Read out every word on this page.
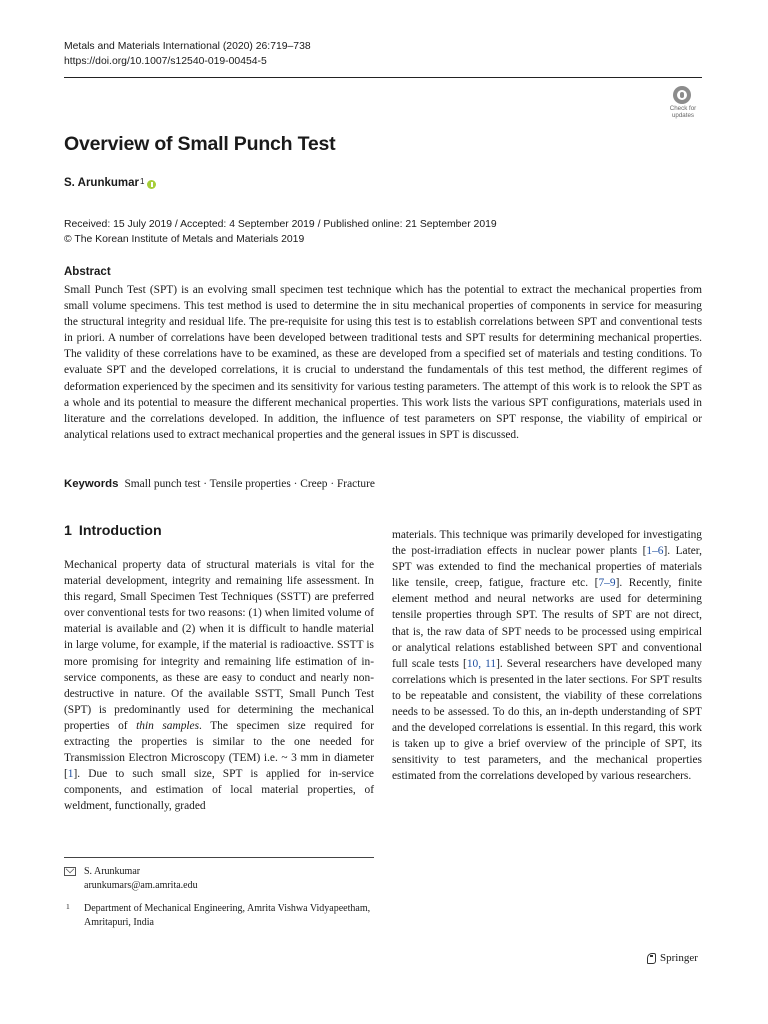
Metals and Materials International (2020) 26:719–738
https://doi.org/10.1007/s12540-019-00454-5
Check for
updates
Overview of Small Punch Test
S. Arunkumar 1
Received: 15 July 2019 / Accepted: 4 September 2019 / Published online: 21 September 2019
© The Korean Institute of Metals and Materials 2019
Abstract
Small Punch Test (SPT) is an evolving small specimen test technique which has the potential to extract the mechanical properties from small volume specimens. This test method is used to determine the in situ mechanical properties of components in service for measuring the structural integrity and residual life. The pre-requisite for using this test is to establish correlations between SPT and conventional tests in priori. A number of correlations have been developed between traditional tests and SPT results for determining mechanical properties. The validity of these correlations have to be examined, as these are developed from a specified set of materials and testing conditions. To evaluate SPT and the developed correlations, it is crucial to understand the fundamentals of this test method, the different regimes of deformation experienced by the specimen and its sensitivity for various testing parameters. The attempt of this work is to relook the SPT as a whole and its potential to measure the different mechanical properties. This work lists the various SPT configurations, materials used in literature and the correlations developed. In addition, the influence of test parameters on SPT response, the viability of empirical or analytical relations used to extract mechanical properties and the general issues in SPT is discussed.
Keywords Small punch test · Tensile properties · Creep · Fracture
1 Introduction

Mechanical property data of structural materials is vital for the material development, integrity and remaining life assessment. In this regard, Small Specimen Test Techniques (SSTT) are preferred over conventional tests for two reasons: (1) when limited volume of material is available and (2) when it is difficult to handle material in large volume, for example, if the material is radioactive. SSTT is more promising for integrity and remaining life estimation of in-service components, as these are easy to conduct and nearly non-destructive in nature. Of the available SSTT, Small Punch Test (SPT) is predominantly used for determining the mechanical properties of thin samples. The specimen size required for extracting the properties is similar to the one needed for Transmission Electron Microscopy (TEM) i.e. ~ 3 mm in diameter [1]. Due to such small size, SPT is applied for in-service components, and estimation of local material properties, of weldment, functionally, graded

materials. This technique was primarily developed for investigating the post-irradiation effects in nuclear power plants [1–6]. Later, SPT was extended to find the mechanical properties of materials like tensile, creep, fatigue, fracture etc. [7–9]. Recently, finite element method and neural networks are used for determining tensile properties through SPT. The results of SPT are not direct, that is, the raw data of SPT needs to be processed using empirical or analytical relations established between SPT and conventional full scale tests [10, 11]. Several researchers have developed many correlations which is presented in the later sections. For SPT results to be repeatable and consistent, the viability of these correlations needs to be assessed. To do this, an in-depth understanding of SPT and the developed correlations is essential. In this regard, this work is taken up to give a brief overview of the principle of SPT, its sensitivity to test parameters, and the mechanical properties estimated from the correlations developed by various researchers.

S. Arunkumar
arunkumars@am.amrita.edu
1 Department of Mechanical Engineering, Amrita Vishwa Vidyapeetham, Amritapuri, India
Springer
